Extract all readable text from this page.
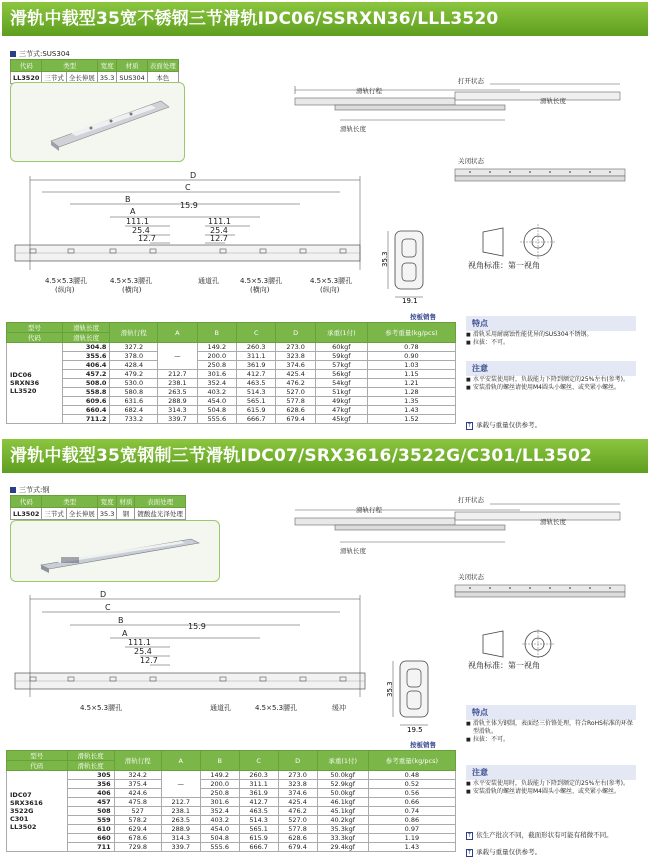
滑轨中载型35宽不锈钢三节滑轨IDC06/SSRXN36/LLL3520
三节式:SUS304
代码	类型		宽度	材质	表面处理
LL3520	三节式	全长伸展	35.3	SUS304	本色
滑轨行程
滑轨长度
滑轨长度
打开状态
关闭状态
D
C
B
A
111.1
25.4
12.7
15.9
111.1
25.4
12.7
4.5×5.3腰孔
(纵向)
4.5×5.3腰孔
(横向)
通道孔	4.5×5.3腰孔
(横向)
4.5×5.3腰孔
(纵向)
35.3
19.1
视角标准：第一视角
按板销售
型号	滑轨长度	滑轨行程	A	B	C	D	承重(1付)	参考重量(kg/pcs)
代码	滑轨长度							

IDC06
SRXN36
LL3520	304.8	327.2	—	149.2	260.3	273.0	60kgf	0.78
	355.6	378.0		200.0	311.1	323.8	59kgf	0.90
	406.4	428.4		250.8	361.9	374.6	57kgf	1.03
	457.2	479.2	212.7	301.6	412.7	425.4	56kgf	1.15
	508.0	530.0	238.1	352.4	463.5	476.2	54kgf	1.21
	558.8	580.8	263.5	403.2	514.3	527.0	51kgf	1.28
	609.6	631.6	288.9	454.0	565.1	577.8	49kgf	1.35
	660.4	682.4	314.3	504.8	615.9	628.6	47kgf	1.43
	711.2	733.2	339.7	555.6	666.7	679.4	45kgf	1.52
特点

■ 滑轨采用耐腐蚀性能优异的SUS304不锈钢。

■ 拉拔：不可。

注意

■ 水平安装使用时，负载能力下降到额定的25%左右(参考)。

■ 安装滑轨的螺丝请使用M4圆头小螺丝、或夹紧小螺丝。

T 承载与重量仅供参考。
滑轨中载型35宽钢制三节滑轨IDC07/SRX3616/3522G/C301/LL3502
三节式:钢
代码	类型		宽度	材质	表面处理
LL3502	三节式	全长伸展	35.3	钢	镀酸盐光泽处理	滑轨行程
滑轨长度
滑轨长度
打开状态
关闭状态
D
C
B
A
111.1
25.4
12.7
15.9
4.5×5.3腰孔	通道孔	4.5×5.3腰孔	缓冲
35.3
19.5
视角标准：第一视角
按板销售
型号	滑轨长度	滑轨行程	A	B	C	D	承重(1付)	参考重量(kg/pcs)
代码	滑轨长度							

IDC07
SRX3616
3522G
C301
LL3502	305	324.2	—	149.2	260.3	273.0	50.0kgf	0.48
	356	375.4		200.0	311.1	323.8	52.9kgf	0.52
	406	424.6		250.8	361.9	374.6	50.0kgf	0.56
	457	475.8	212.7	301.6	412.7	425.4	46.1kgf	0.66
	508	527	238.1	352.4	463.5	476.2	45.1kgf	0.74
	559	578.2	263.5	403.2	514.3	527.0	40.2kgf	0.86
	610	629.4	288.9	454.0	565.1	577.8	35.3kgf	0.97
	660	678.6	314.3	504.8	615.9	628.6	33.3kgf	1.19
	711	729.8	339.7	555.6	666.7	679.4	29.4kgf	1.43
特点

■ 滑轨主体为钢制，表面经三价铬处理，符合RoHS标准的环保型滑轨。

■ 拉拔：不可。

注意

■ 水平安装使用时，负载能力下降到额定的25%左右(参考)。

■ 安装滑轨的螺丝请使用M4圆头小螺丝、或夹紧小螺丝。

T 依生产批次不同，截面形状有可能有稍微不同。
T 承载与重量仅供参考。
